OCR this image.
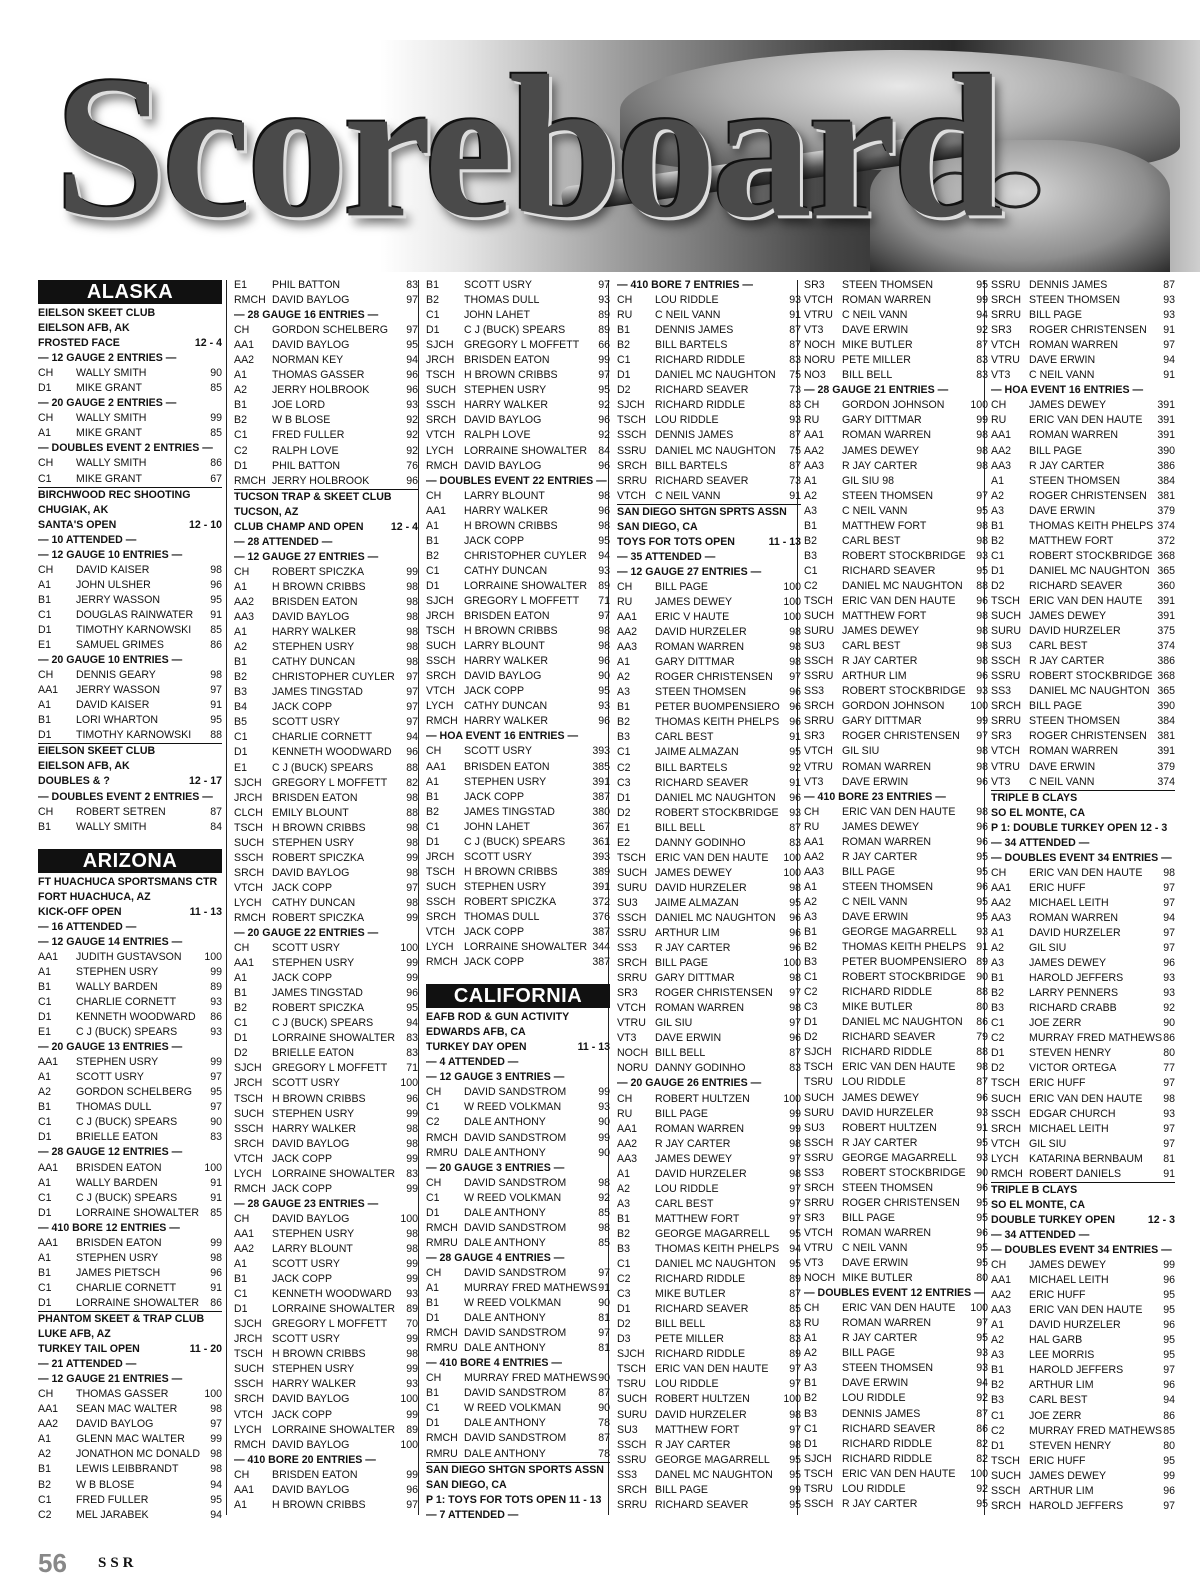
Scoreboard
ALASKA
EIELSON SKEET CLUB
EIELSON AFB, AK
FROSTED FACE	12 - 4
— 12 GAUGE 2 ENTRIES —
CH	WALLY SMITH	90
D1	MIKE GRANT	85
— 20 GAUGE 2 ENTRIES —
CH	WALLY SMITH	99
A1	MIKE GRANT	85
— DOUBLES EVENT 2 ENTRIES —
CH	WALLY SMITH	86
C1	MIKE GRANT	67
BIRCHWOOD REC SHOOTING
CHUGIAK, AK
SANTA'S OPEN	12 - 10
— 10 ATTENDED —
— 12 GAUGE 10 ENTRIES —
CH	DAVID KAISER	98
A1	JOHN ULSHER	96
B1	JERRY WASSON	95
C1	DOUGLAS RAINWATER 91
D1	TIMOTHY KARNOWSKI 85
E1	SAMUEL GRIMES	86
— 20 GAUGE 10 ENTRIES —
CH	DENNIS GEARY	98
AA1	JERRY WASSON	97
A1	DAVID KAISER	91
B1	LORI WHARTON	95
D1	TIMOTHY KARNOWSKI 88
EIELSON SKEET CLUB
EIELSON AFB, AK
DOUBLES & ?	12 - 17
— DOUBLES EVENT 2 ENTRIES —
CH	ROBERT SETREN	87
B1	WALLY SMITH	84
ARIZONA
FT HUACHUCA SPORTSMANS CTR
FORT HUACHUCA, AZ
KICK-OFF OPEN	11 - 13
— 16 ATTENDED —
— 12 GAUGE 14 ENTRIES —
AA1	JUDITH GUSTAVSON	100
A1	STEPHEN USRY	99
B1	WALLY BARDEN	89
C1	CHARLIE CORNETT	93
D1	KENNETH WOODWARD 86
E1	C J (BUCK) SPEARS	93
— 20 GAUGE 13 ENTRIES —
AA1	STEPHEN USRY	99
A1	SCOTT USRY	97
A2	GORDON SCHELBERG 95
B1	THOMAS DULL	97
C1	C J (BUCK) SPEARS	90
D1	BRIELLE EATON	83
— 28 GAUGE 12 ENTRIES —
AA1	BRISDEN EATON	100
A1	WALLY BARDEN	91
C1	C J (BUCK) SPEARS	91
D1	LORRAINE SHOWALTER 85
— 410 BORE 12 ENTRIES —
AA1	BRISDEN EATON	99
A1	STEPHEN USRY	98
B1	JAMES PIETSCH	96
C1	CHARLIE CORNETT	91
D1	LORRAINE SHOWALTER 86
PHANTOM SKEET & TRAP CLUB
LUKE AFB, AZ
TURKEY TAIL OPEN	11 - 20
— 21 ATTENDED —
— 12 GAUGE 21 ENTRIES —
CH	THOMAS GASSER	100
AA1	SEAN MAC WALTER	98
AA2	DAVID BAYLOG	97
A1	GLENN MAC WALTER	99
A2	JONATHON MC DONALD 98
B1	LEWIS LEIBBRANDT	98
B2	W B BLOSE	94
C1	FRED FULLER	95
C2	MEL JARABEK	94
E1	PHIL BATTON	83
RMCH DAVID BAYLOG	97
— 28 GAUGE 16 ENTRIES —
CH	GORDON SCHELBERG 97
AA1	DAVID BAYLOG	95
AA2	NORMAN KEY	94
A1	THOMAS GASSER	96
A2	JERRY HOLBROOK	96
B1	JOE LORD	93
B2	W B BLOSE	92
C1	FRED FULLER	92
C2	RALPH LOVE	92
D1	PHIL BATTON	76
RMCH JERRY HOLBROOK	96
TUCSON TRAP & SKEET CLUB
TUCSON, AZ
CLUB CHAMP AND OPEN	12 - 4
— 28 ATTENDED —
— 12 GAUGE 27 ENTRIES —
CH	ROBERT SPICZKA	99
A1	H BROWN CRIBBS	98
AA2	BRISDEN EATON	98
AA3	DAVID BAYLOG	98
A1	HARRY WALKER	98
A2	STEPHEN USRY	98
B1	CATHY DUNCAN	98
B2	CHRISTOPHER CUYLER 97
B3	JAMES TINGSTAD	97
B4	JACK COPP	97
B5	SCOTT USRY	97
C1	CHARLIE CORNETT	94
D1	KENNETH WOODWARD 96
E1	C J (BUCK) SPEARS	88
SJCH GREGORY L MOFFETT 82
JRCH BRISDEN EATON	98
CLCH EMILY BLOUNT	88
TSCH H BROWN CRIBBS	98
SUCH STEPHEN USRY	98
SSCH ROBERT SPICZKA	99
SRCH DAVID BAYLOG	98
VTCH JACK COPP	97
LYCH CATHY DUNCAN	98
RMCH ROBERT SPICZKA	99
— 20 GAUGE 22 ENTRIES —
CH	SCOTT USRY	100
AA1	STEPHEN USRY	99
A1	JACK COPP	99
B1	JAMES TINGSTAD	96
B2	ROBERT SPICZKA	95
C1	C J (BUCK) SPEARS	94
D1	LORRAINE SHOWALTER 83
D2	BRIELLE EATON	83
SJCH GREGORY L MOFFETT 71
JRCH SCOTT USRY	100
TSCH H BROWN CRIBBS	96
SUCH STEPHEN USRY	99
SSCH HARRY WALKER	98
SRCH DAVID BAYLOG	98
VTCH JACK COPP	99
LYCH LORRAINE SHOWALTER 83
RMCH JACK COPP	99
— 28 GAUGE 23 ENTRIES —
CH	DAVID BAYLOG	100
AA1	STEPHEN USRY	98
AA2	LARRY BLOUNT	98
A1	SCOTT USRY	99
B1	JACK COPP	99
C1	KENNETH WOODWARD 93
D1	LORRAINE SHOWALTER 89
SJCH GREGORY L MOFFETT 70
JRCH SCOTT USRY	99
TSCH H BROWN CRIBBS	98
SUCH STEPHEN USRY	99
SSCH HARRY WALKER	93
SRCH DAVID BAYLOG	100
VTCH JACK COPP	99
LYCH LORRAINE SHOWALTER 89
RMCH DAVID BAYLOG	100
— 410 BORE 20 ENTRIES —
CH	BRISDEN EATON	99
AA1	DAVID BAYLOG	96
A1	H BROWN CRIBBS	97
B1	SCOTT USRY	97
B2	THOMAS DULL	93
C1	JOHN LAHET	89
D1	C J (BUCK) SPEARS	89
SJCH GREGORY L MOFFETT 66
JRCH BRISDEN EATON	99
TSCH H BROWN CRIBBS	97
SUCH STEPHEN USRY	95
SSCH HARRY WALKER	92
SRCH DAVID BAYLOG	96
VTCH RALPH LOVE	92
LYCH LORRAINE SHOWALTER 84
RMCH DAVID BAYLOG	96
— DOUBLES EVENT 22 ENTRIES —
CH	LARRY BLOUNT	98
AA1	HARRY WALKER	96
A1	H BROWN CRIBBS	98
B1	JACK COPP	95
B2	CHRISTOPHER CUYLER 94
C1	CATHY DUNCAN	93
D1	LORRAINE SHOWALTER 89
SJCH GREGORY L MOFFETT 71
JRCH BRISDEN EATON	97
TSCH H BROWN CRIBBS	98
SUCH LARRY BLOUNT	98
SSCH HARRY WALKER	96
SRCH DAVID BAYLOG	90
VTCH JACK COPP	95
LYCH CATHY DUNCAN	93
RMCH HARRY WALKER	96
— HOA EVENT 16 ENTRIES —
CH	SCOTT USRY	393
AA1	BRISDEN EATON	385
A1	STEPHEN USRY	391
B1	JACK COPP	387
B2	JAMES TINGSTAD	380
C1	JOHN LAHET	367
D1	C J (BUCK) SPEARS	361
JRCH SCOTT USRY	393
TSCH H BROWN CRIBBS	389
SUCH STEPHEN USRY	391
SSCH ROBERT SPICZKA	372
SRCH THOMAS DULL	376
VTCH JACK COPP	387
LYCH LORRAINE SHOWALTER 344
RMCH JACK COPP	387
CALIFORNIA
EAFB ROD & GUN ACTIVITY
EDWARDS AFB, CA
TURKEY DAY OPEN	11 - 13
— 4 ATTENDED —
— 12 GAUGE 3 ENTRIES —
CH	DAVID SANDSTROM	99
C1	W REED VOLKMAN	93
C2	DALE ANTHONY	90
RMCH DAVID SANDSTROM	99
RMRU DALE ANTHONY	90
— 20 GAUGE 3 ENTRIES —
CH	DAVID SANDSTROM	98
C1	W REED VOLKMAN	92
D1	DALE ANTHONY	85
RMCH DAVID SANDSTROM	98
RMRU DALE ANTHONY	85
— 28 GAUGE 4 ENTRIES —
CH	DAVID SANDSTROM	97
A1	MURRAY FRED MATHEWS 91
B1	W REED VOLKMAN	90
D1	DALE ANTHONY	81
RMCH DAVID SANDSTROM	97
RMRU DALE ANTHONY	81
— 410 BORE 4 ENTRIES —
CH	MURRAY FRED MATHEWS 90
B1	DAVID SANDSTROM	87
C1	W REED VOLKMAN	90
D1	DALE ANTHONY	78
RMCH DAVID SANDSTROM	87
RMRU DALE ANTHONY	78
SAN DIEGO SHTGN SPORTS ASSN
SAN DIEGO, CA
P 1: TOYS FOR TOTS OPEN 11 - 13
— 7 ATTENDED —
— 410 BORE 7 ENTRIES —
CH	LOU RIDDLE	93
RU	C NEIL VANN	91
B1	DENNIS JAMES	87
B2	BILL BARTELS	87
C1	RICHARD RIDDLE	83
D1	DANIEL MC NAUGHTON 75
D2	RICHARD SEAVER	73
SJCH RICHARD RIDDLE	83
TSCH LOU RIDDLE	93
SSCH DENNIS JAMES	87
SSRU DANIEL MC NAUGHTON 75
SRCH BILL BARTELS	87
SRRU RICHARD SEAVER	73
VTCH C NEIL VANN	91
SAN DIEGO SHTGN SPRTS ASSN
SAN DIEGO, CA
TOYS FOR TOTS OPEN	11 - 13
— 35 ATTENDED —
— 12 GAUGE 27 ENTRIES —
CH	BILL PAGE	100
RU	JAMES DEWEY	100
AA1	ERIC V HAUTE	100
AA2	DAVID HURZELER	98
AA3	ROMAN WARREN	98
A1	GARY DITTMAR	98
A2	ROGER CHRISTENSEN 97
A3	STEEN THOMSEN	96
B1	PETER BUOMPENSIERO 96
B2	THOMAS KEITH PHELPS 96
B3	CARL BEST	91
C1	JAIME ALMAZAN	95
C2	BILL BARTELS	92
C3	RICHARD SEAVER	91
D1	DANIEL MC NAUGHTON 96
D2	ROBERT STOCKBRIDGE 93
E1	BILL BELL	87
E2	DANNY GODINHO	83
TSCH ERIC VAN DEN HAUTE	100
SUCH JAMES DEWEY	100
SURU DAVID HURZELER	98
SU3	JAIME ALMAZAN	95
SSCH DANIEL MC NAUGHTON 96
SSRU ARTHUR LIM	96
SS3	R JAY CARTER	96
SRCH BILL PAGE	100
SRRU GARY DITTMAR	98
SR3	ROGER CHRISTENSEN 97
VTCH ROMAN WARREN	98
VTRU GIL SIU	97
VT3	DAVE ERWIN	96
NOCH BILL BELL	87
NORU DANNY GODINHO	83
— 20 GAUGE 26 ENTRIES —
CH	ROBERT HULTZEN	100
RU	BILL PAGE	99
AA1	ROMAN WARREN	99
AA2	R JAY CARTER	98
AA3	JAMES DEWEY	97
A1	DAVID HURZELER	98
A2	LOU RIDDLE	97
A3	CARL BEST	97
B1	MATTHEW FORT	97
B2	GEORGE MAGARRELL	95
B3	THOMAS KEITH PHELPS 94
C1	DANIEL MC NAUGHTON 95
C2	RICHARD RIDDLE	89
C3	MIKE BUTLER	87
D1	RICHARD SEAVER	85
D2	BILL BELL	83
D3	PETE MILLER	83
SJCH RICHARD RIDDLE	89
TSCH ERIC VAN DEN HAUTE	97
TSRU LOU RIDDLE	97
SUCH ROBERT HULTZEN	100
SURU DAVID HURZELER	98
SU3	MATTHEW FORT	97
SSCH R JAY CARTER	98
SSRU GEORGE MAGARRELL	95
SS3	DANEL MC NAUGHTON 95
SRCH BILL PAGE	99
SRRU RICHARD SEAVER	95
SR3	STEEN THOMSEN	95
VTCH ROMAN WARREN	99
VTRU C NEIL VANN	94
VT3	DAVE ERWIN	92
NOCH MIKE BUTLER	87
NORU PETE MILLER	83
NO3	BILL BELL	83
— 28 GAUGE 21 ENTRIES —
CH	GORDON JOHNSON	100
RU	GARY DITTMAR	99
AA1	ROMAN WARREN	98
AA2	JAMES DEWEY	98
AA3	R JAY CARTER	98
A1	GIL SIU 98
A2	STEEN THOMSEN	97
A3	C NEIL VANN	95
B1	MATTHEW FORT	98
B2	CARL BEST	98
B3	ROBERT STOCKBRIDGE 93
C1	RICHARD SEAVER	95
C2	DANIEL MC NAUGHTON 88
TSCH ERIC VAN DEN HAUTE	96
SUCH MATTHEW FORT	98
SURU JAMES DEWEY	98
SU3	CARL BEST	98
SSCH R JAY CARTER	98
SSRU ARTHUR LIM	96
SS3	ROBERT STOCKBRIDGE 93
SRCH GORDON JOHNSON	100
SRRU GARY DITTMAR	99
SR3	ROGER CHRISTENSEN 97
VTCH GIL SIU	98
VTRU ROMAN WARREN	98
VT3	DAVE ERWIN	96
— 410 BORE 23 ENTRIES —
CH	ERIC VAN DEN HAUTE	98
RU	JAMES DEWEY	96
AA1	ROMAN WARREN	96
AA2	R JAY CARTER	95
AA3	BILL PAGE	95
A1	STEEN THOMSEN	96
A2	C NEIL VANN	95
A3	DAVE ERWIN	95
B1	GEORGE MAGARRELL	93
B2	THOMAS KEITH PHELPS 91
B3	PETER BUOMPENSIERO 89
C1	ROBERT STOCKBRIDGE 90
C2	RICHARD RIDDLE	88
C3	MIKE BUTLER	80
D1	DANIEL MC NAUGHTON 86
D2	RICHARD SEAVER	79
SJCH RICHARD RIDDLE	88
TSCH ERIC VAN DEN HAUTE	98
TSRU LOU RIDDLE	87
SUCH JAMES DEWEY	96
SURU DAVID HURZELER	93
SU3	ROBERT HULTZEN	91
SSCH R JAY CARTER	95
SSRU GEORGE MAGARRELL	93
SS3	ROBERT STOCKBRIDGE 90
SRCH STEEN THOMSEN	96
SRRU ROGER CHRISTENSEN 95
SR3	BILL PAGE	95
VTCH ROMAN WARREN	96
VTRU C NEIL VANN	95
VT3	DAVE ERWIN	95
NOCH MIKE BUTLER	80
— DOUBLES EVENT 12 ENTRIES —
CH	ERIC VAN DEN HAUTE	100
RU	ROMAN WARREN	97
A1	R JAY CARTER	95
A2	BILL PAGE	93
A3	STEEN THOMSEN	93
B1	DAVE ERWIN	94
B2	LOU RIDDLE	92
B3	DENNIS JAMES	87
C1	RICHARD SEAVER	86
D1	RICHARD RIDDLE	82
SJCH RICHARD RIDDLE	82
TSCH ERIC VAN DEN HAUTE	100
TSRU LOU RIDDLE	92
SSCH R JAY CARTER	95
SSRU DENNIS JAMES	87
SRCH STEEN THOMSEN	93
SRRU BILL PAGE	93
SR3	ROGER CHRISTENSEN 91
VTCH ROMAN WARREN	97
VTRU DAVE ERWIN	94
VT3	C NEIL VANN	91
— HOA EVENT 16 ENTRIES —
CH	JAMES DEWEY	391
RU	ERIC VAN DEN HAUTE	391
AA1	ROMAN WARREN	391
AA2	BILL PAGE	390
AA3	R JAY CARTER	386
A1	STEEN THOMSEN	384
A2	ROGER CHRISTENSEN 381
A3	DAVE ERWIN	379
B1	THOMAS KEITH PHELPS 374
B2	MATTHEW FORT	372
C1	ROBERT STOCKBRIDGE 368
D1	DANIEL MC NAUGHTON 365
D2	RICHARD SEAVER	360
TSCH ERIC VAN DEN HAUTE	391
SUCH JAMES DEWEY	391
SURU DAVID HURZELER	375
SU3	CARL BEST	374
SSCH R JAY CARTER	386
SSRU ROBERT STOCKBRIDGE 368
SS3	DANIEL MC NAUGHTON 365
SRCH BILL PAGE	390
SRRU STEEN THOMSEN	384
SR3	ROGER CHRISTENSEN 381
VTCH ROMAN WARREN	391
VTRU DAVE ERWIN	379
VT3	C NEIL VANN	374
TRIPLE B CLAYS
SO EL MONTE, CA
P 1: DOUBLE TURKEY OPEN 12 - 3
— 34 ATTENDED —
— DOUBLES EVENT 34 ENTRIES —
CH	ERIC VAN DEN HAUTE	98
AA1	ERIC HUFF	97
AA2	MICHAEL LEITH	97
AA3	ROMAN WARREN	94
A1	DAVID HURZELER	97
A2	GIL SIU	97
A3	JAMES DEWEY	96
B1	HAROLD JEFFERS	93
B2	LARRY PENNERS	93
B3	RICHARD CRABB	92
C1	JOE ZERR	90
C2	MURRAY FRED MATHEWS 86
D1	STEVEN HENRY	80
D2	VICTOR ORTEGA	77
TSCH ERIC HUFF	97
SUCH ERIC VAN DEN HAUTE	98
SSCH EDGAR CHURCH	93
SRCH MICHAEL LEITH	97
VTCH GIL SIU	97
LYCH KATARINA BERNBAUM	81
RMCH ROBERT DANIELS	91
TRIPLE B CLAYS
SO EL MONTE, CA
DOUBLE TURKEY OPEN	12 - 3
— 34 ATTENDED —
— DOUBLES EVENT 34 ENTRIES —
CH	JAMES DEWEY	99
AA1	MICHAEL LEITH	96
AA2	ERIC HUFF	95
AA3	ERIC VAN DEN HAUTE	95
A1	DAVID HURZELER	96
A2	HAL GARB	95
A3	LEE MORRIS	95
B1	HAROLD JEFFERS	97
B2	ARTHUR LIM	96
B3	CARL BEST	94
C1	JOE ZERR	86
C2	MURRAY FRED MATHEWS 85
D1	STEVEN HENRY	80
TSCH ERIC HUFF	95
SUCH JAMES DEWEY	99
SSCH ARTHUR LIM	96
SRCH HAROLD JEFFERS	97
56 SSR
